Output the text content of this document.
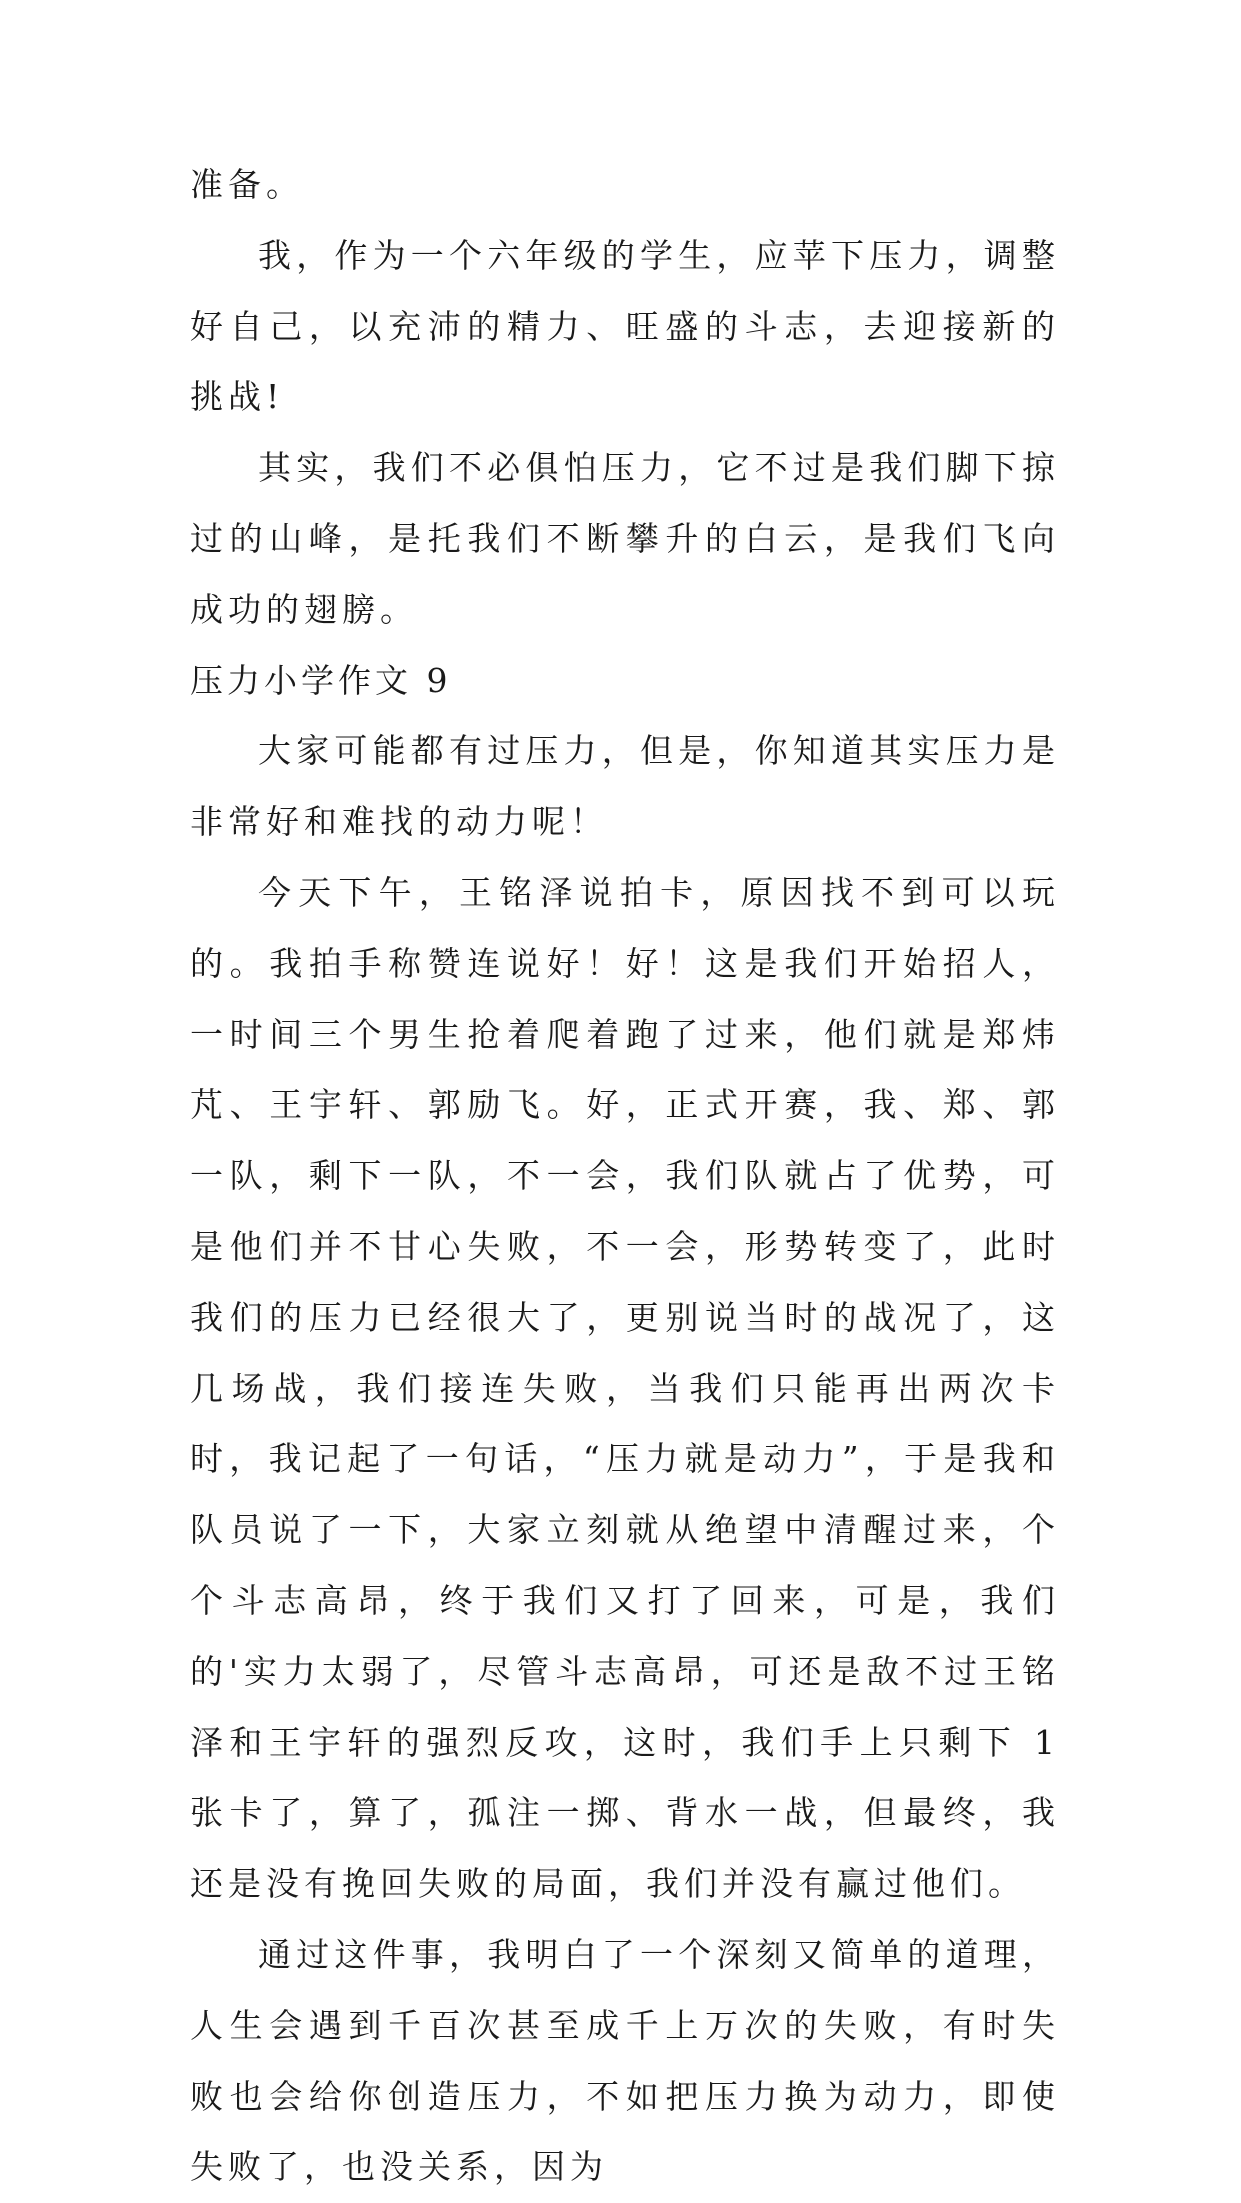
准备。

我，作为一个六年级的学生，应苹下压力，调整好自己，以充沛的精力、旺盛的斗志，去迎接新的挑战!

其实，我们不必俱怕压力，它不过是我们脚下掠过的山峰，是托我们不断攀升的白云，是我们飞向成功的翅膀。

压力小学作文 9

大家可能都有过压力，但是，你知道其实压力是非常好和难找的动力呢！

今天下午，王铭泽说拍卡，原因找不到可以玩的。我拍手称赞连说好！好！这是我们开始招人，一时间三个男生抢着爬着跑了过来，他们就是郑炜芃、王宇轩、郭励飞。好，正式开赛，我、郑、郭一队，剩下一队，不一会，我们队就占了优势，可是他们并不甘心失败，不一会，形势转变了，此时我们的压力已经很大了，更别说当时的战况了，这几场战，我们接连失败，当我们只能再出两次卡时，我记起了一句话，“压力就是动力”，于是我和队员说了一下，大家立刻就从绝望中清醒过来，个个斗志高昂，终于我们又打了回来，可是，我们的'实力太弱了，尽管斗志高昂，可还是敌不过王铭泽和王宇轩的强烈反攻，这时，我们手上只剩下 1 张卡了，算了，孤注一掷、背水一战，但最终，我还是没有挽回失败的局面，我们并没有赢过他们。

通过这件事，我明白了一个深刻又简单的道理，人生会遇到千百次甚至成千上万次的失败，有时失败也会给你创造压力，不如把压力换为动力，即使失败了，也没关系，因为
